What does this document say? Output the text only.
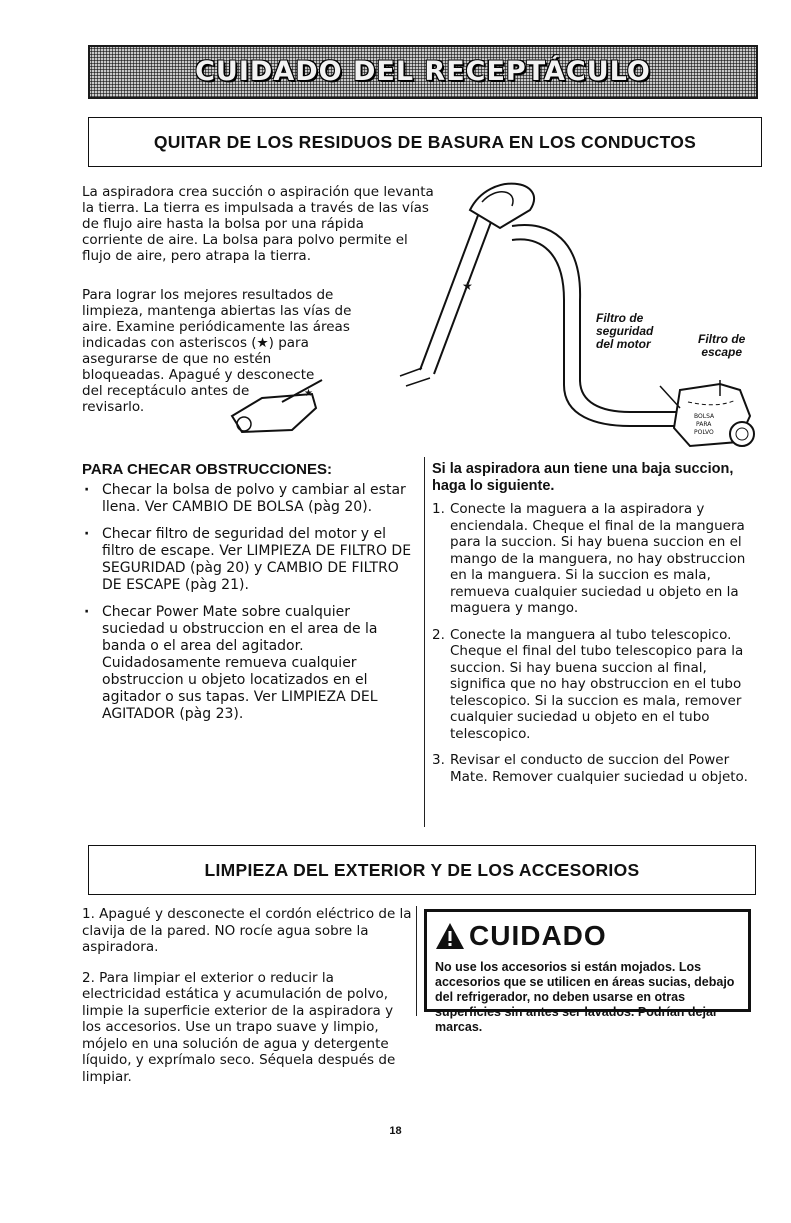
CUIDADO DEL RECEPTÁCULO
QUITAR DE LOS RESIDUOS DE BASURA EN LOS CONDUCTOS
La aspiradora crea succión o aspiración que levanta
la tierra. La tierra es impulsada a través de las vías
de flujo aire hasta la bolsa por una rápida
corriente de aire. La bolsa para polvo permite el
flujo de aire, pero atrapa la tierra.
Para lograr los mejores resultados de
limpieza, mantenga abiertas las vías de
aire. Examine periódicamente las áreas
indicadas con asteriscos (★) para
asegurarse de que no estén
bloqueadas. Apagué y desconecte
del receptáculo antes de
revisarlo.
★
BOLSA
PARA
POLVO
★
Filtro de
seguridad
del motor	Filtro de
escape
PARA CHECAR OBSTRUCCIONES:
· Checar la bolsa de polvo y cambiar al estar llena. Ver CAMBIO DE BOLSA (pàg 20).
· Checar filtro de seguridad del motor y el filtro de escape. Ver LIMPIEZA DE FILTRO DE SEGURIDAD (pàg 20) y CAMBIO DE FILTRO DE ESCAPE (pàg 21).
· Checar Power Mate sobre cualquier suciedad u obstruccion en el area de la banda o el area del agitador. Cuidadosamente remueva cualquier obstruccion u objeto locatizados en el agitador o sus tapas. Ver LIMPIEZA DEL AGITADOR (pàg 23).
Si la aspiradora aun tiene una baja succion, haga lo siguiente.
1. Conecte la maguera a la aspiradora y enciendala. Cheque el final de la manguera para la succion. Si hay buena succion en el mango de la manguera, no hay obstruccion en la manguera. Si la succion es mala, remueva cualquier suciedad u objeto en la maguera y mango.
2. Conecte la manguera al tubo telescopico. Cheque el final del tubo telescopico para la succion. Si hay buena succion al final, significa que no hay obstruccion en el tubo telescopico. Si la succion es mala, remover cualquier suciedad u objeto en el tubo telescopico.
3. Revisar el conducto de succion del Power Mate. Remover cualquier suciedad u objeto.
LIMPIEZA DEL EXTERIOR Y DE LOS ACCESORIOS

1. Apagué y desconecte el cordón eléctrico de la clavija de la pared. NO rocíe agua sobre la aspiradora.

2. Para limpiar el exterior o reducir la electricidad estática y acumulación de polvo, limpie la superficie exterior de la aspiradora y los accesorios. Use un trapo suave y limpio, mójelo en una solución de agua y detergente líquido, y exprímalo seco. Séquela después de limpiar.

CUIDADO
No use los accesorios si están mojados. Los accesorios que se utilicen en áreas sucias, debajo del refrigerador, no deben usarse en otras superficies sin antes ser lavados. Podrían dejar marcas.
18
